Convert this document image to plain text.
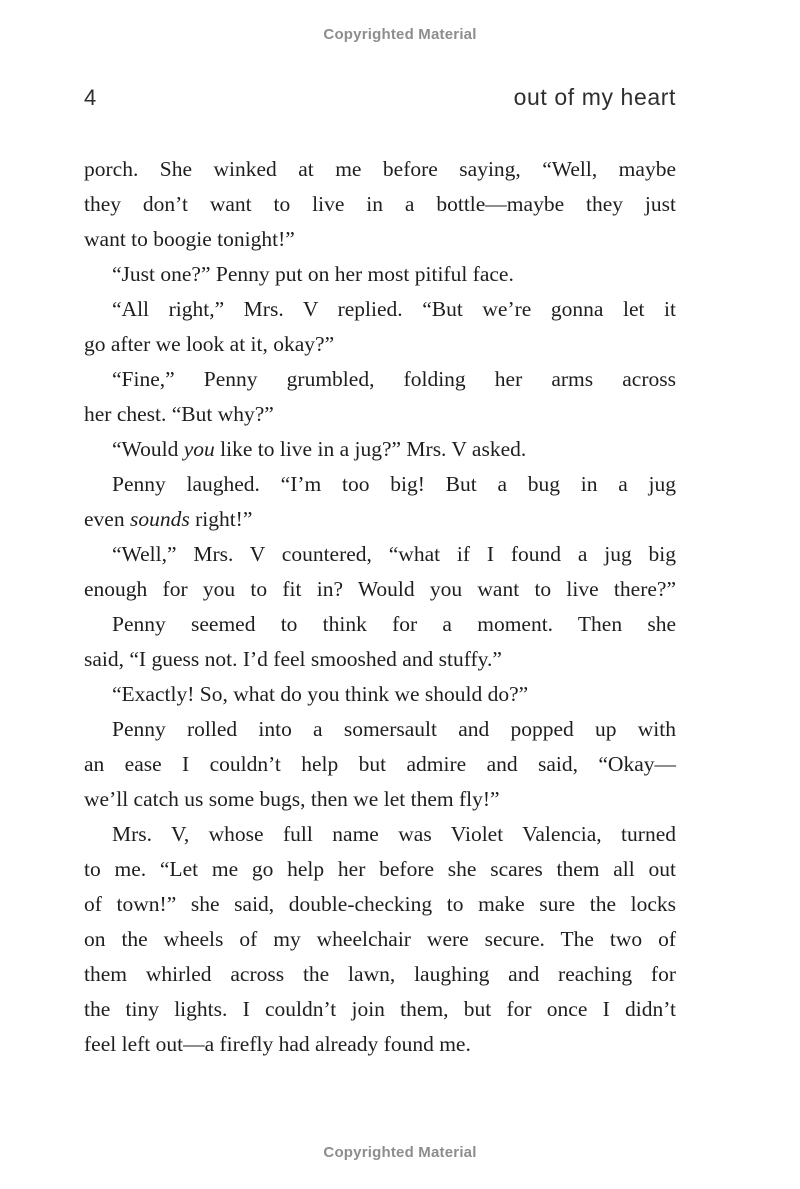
Copyrighted Material
4	out of my heart
porch. She winked at me before saying, “Well, maybe
they don’t want to live in a bottle—maybe they just
want to boogie tonight!”
“Just one?” Penny put on her most pitiful face.
“All right,” Mrs. V replied. “But we’re gonna let it
go after we look at it, okay?”
“Fine,” Penny grumbled, folding her arms across
her chest. “But why?”
“Would you like to live in a jug?” Mrs. V asked.
Penny laughed. “I’m too big! But a bug in a jug
even sounds right!”
“Well,” Mrs. V countered, “what if I found a jug big
enough for you to fit in? Would you want to live there?”
Penny seemed to think for a moment. Then she
said, “I guess not. I’d feel smooshed and stuffy.”
“Exactly! So, what do you think we should do?”
Penny rolled into a somersault and popped up with
an ease I couldn’t help but admire and said, “Okay—
we’ll catch us some bugs, then we let them fly!”
Mrs. V, whose full name was Violet Valencia, turned
to me. “Let me go help her before she scares them all out
of town!” she said, double-checking to make sure the locks
on the wheels of my wheelchair were secure. The two of
them whirled across the lawn, laughing and reaching for
the tiny lights. I couldn’t join them, but for once I didn’t
feel left out—a firefly had already found me.
Copyrighted Material
